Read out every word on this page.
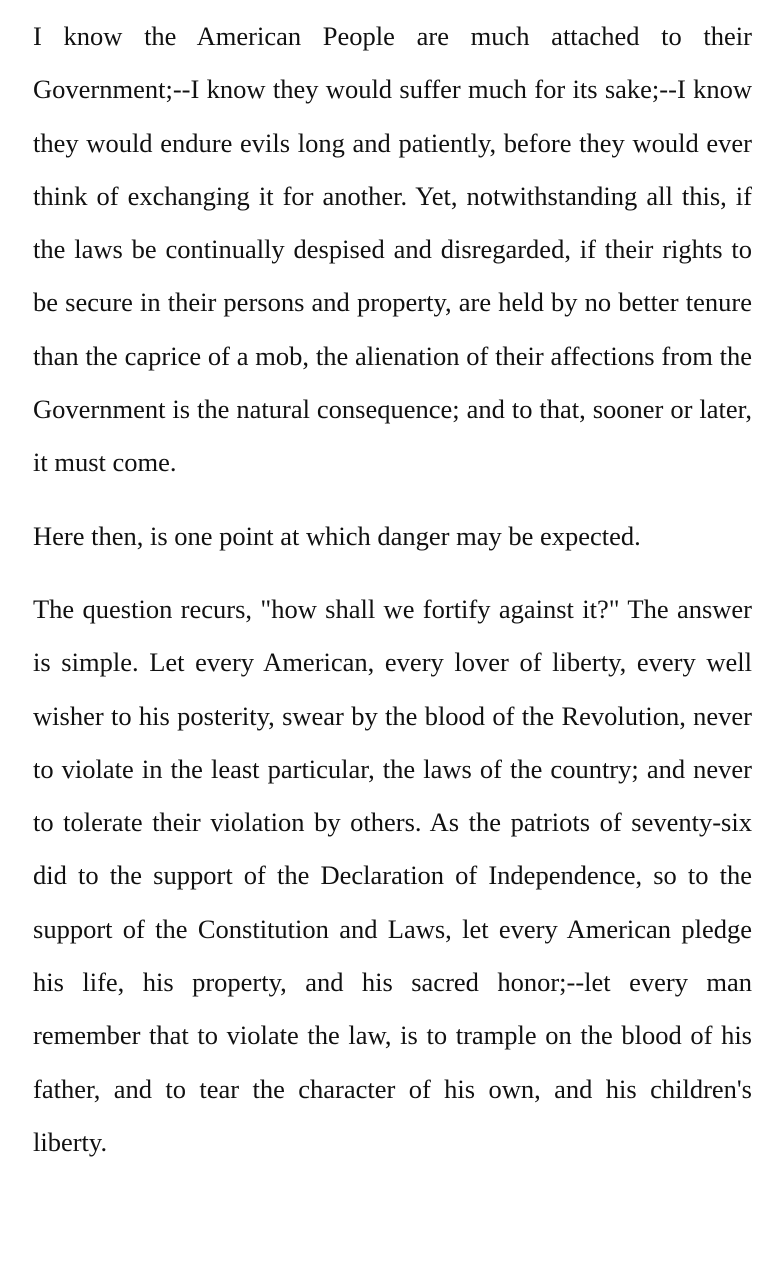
I know the American People are much attached to their Government;--I know they would suffer much for its sake;--I know they would endure evils long and patiently, before they would ever think of exchanging it for another. Yet, notwithstanding all this, if the laws be continually despised and disregarded, if their rights to be secure in their persons and property, are held by no better tenure than the caprice of a mob, the alienation of their affections from the Government is the natural consequence; and to that, sooner or later, it must come.

Here then, is one point at which danger may be expected.

The question recurs, "how shall we fortify against it?" The answer is simple. Let every American, every lover of liberty, every well wisher to his posterity, swear by the blood of the Revolution, never to violate in the least particular, the laws of the country; and never to tolerate their violation by others. As the patriots of seventy-six did to the support of the Declaration of Independence, so to the support of the Constitution and Laws, let every American pledge his life, his property, and his sacred honor;--let every man remember that to violate the law, is to trample on the blood of his father, and to tear the character of his own, and his children's liberty.
